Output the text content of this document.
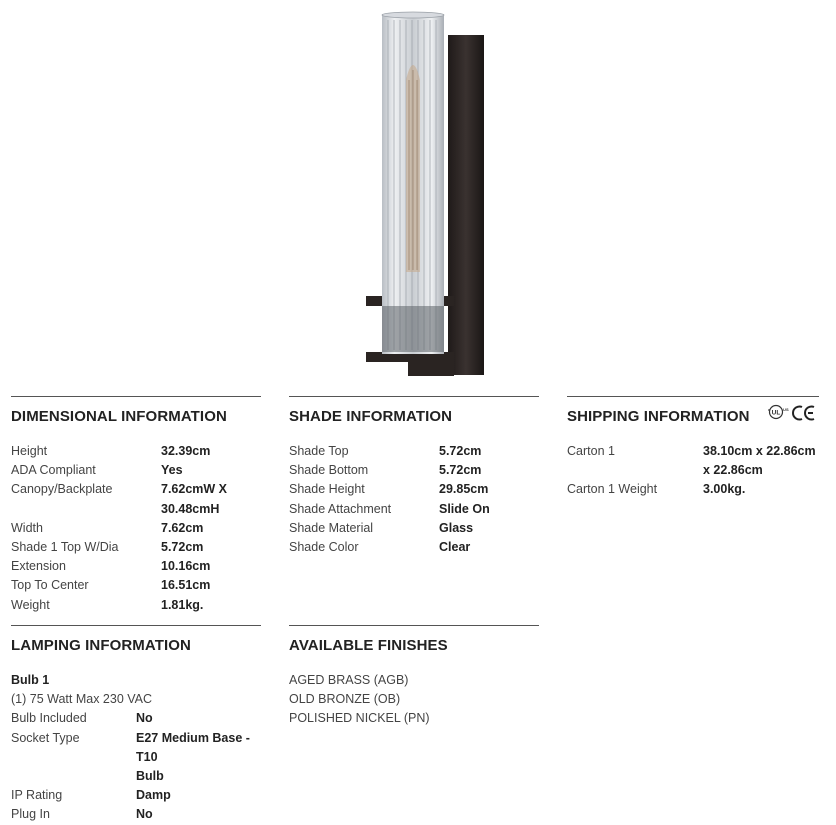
DIMENSIONAL INFORMATION
Height	32.39cm
ADA Compliant	Yes
Canopy/Backplate	7.62cmW X
30.48cmH
Width	7.62cm
Shade 1 Top W/Dia	5.72cm
Extension	10.16cm
Top To Center	16.51cm
Weight	1.81kg.
SHADE INFORMATION
Shade Top	5.72cm
Shade Bottom	5.72cm
Shade Height	29.85cm
Shade Attachment	Slide On
Shade Material	Glass
Shade Color	Clear
SHIPPING INFORMATION	UL US
c
Carton 1	38.10cm x 22.86cm
x 22.86cm
Carton 1 Weight	3.00kg.
LAMPING INFORMATION
Bulb 1
(1) 75 Watt Max 230 VAC
Bulb Included	No
Socket Type	E27 Medium Base - T10
Bulb
IP Rating	Damp
Plug In	No
AVAILABLE FINISHES
AGED BRASS (AGB)
OLD BRONZE (OB)
POLISHED NICKEL (PN)
